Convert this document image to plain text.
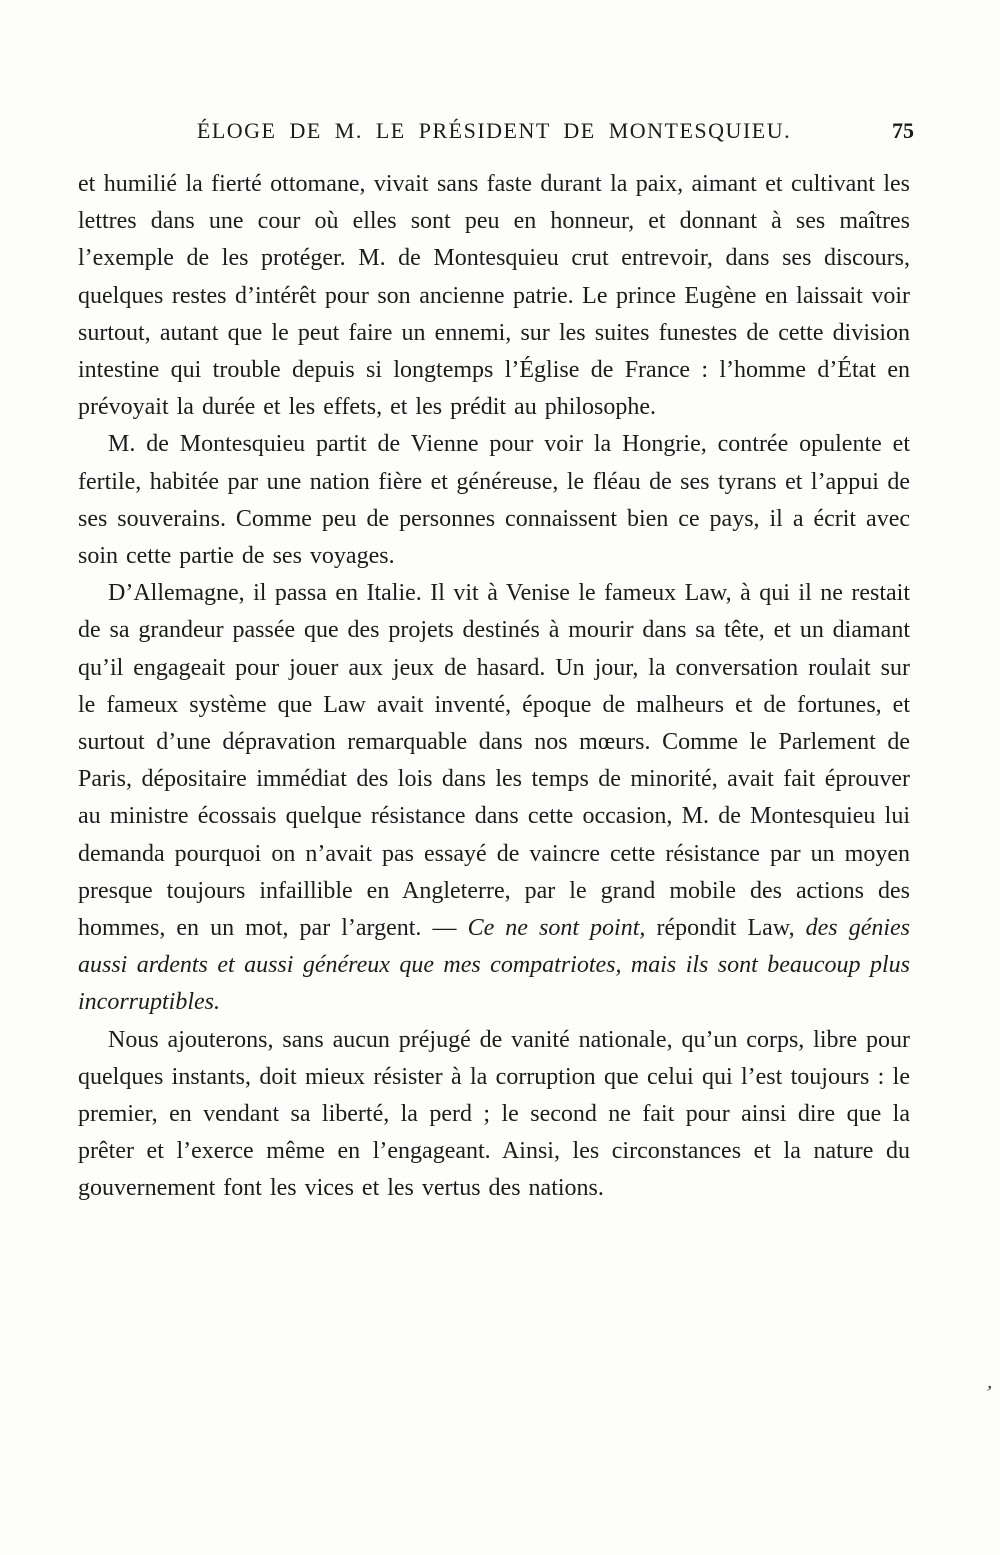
ÉLOGE DE M. LE PRÉSIDENT DE MONTESQUIEU.	75

et humilié la fierté ottomane, vivait sans faste durant la paix, aimant et cultivant les lettres dans une cour où elles sont peu en honneur, et donnant à ses maîtres l’exemple de les protéger. M. de Montesquieu crut entrevoir, dans ses discours, quelques restes d’intérêt pour son ancienne patrie. Le prince Eugène en laissait voir surtout, autant que le peut faire un ennemi, sur les suites funestes de cette division intestine qui trouble depuis si longtemps l’Église de France : l’homme d’État en prévoyait la durée et les effets, et les prédit au philosophe.

M. de Montesquieu partit de Vienne pour voir la Hongrie, contrée opulente et fertile, habitée par une nation fière et généreuse, le fléau de ses tyrans et l’appui de ses souverains. Comme peu de personnes connaissent bien ce pays, il a écrit avec soin cette partie de ses voyages.

D’Allemagne, il passa en Italie. Il vit à Venise le fameux Law, à qui il ne restait de sa grandeur passée que des projets destinés à mourir dans sa tête, et un diamant qu’il engageait pour jouer aux jeux de hasard. Un jour, la conversation roulait sur le fameux système que Law avait inventé, époque de malheurs et de fortunes, et surtout d’une dépravation remarquable dans nos mœurs. Comme le Parlement de Paris, dépositaire immédiat des lois dans les temps de minorité, avait fait éprouver au ministre écossais quelque résistance dans cette occasion, M. de Montesquieu lui demanda pourquoi on n’avait pas essayé de vaincre cette résistance par un moyen presque toujours infaillible en Angleterre, par le grand mobile des actions des hommes, en un mot, par l’argent. — Ce ne sont point, répondit Law, des génies aussi ardents et aussi généreux que mes compatriotes, mais ils sont beaucoup plus incorruptibles.

Nous ajouterons, sans aucun préjugé de vanité nationale, qu’un corps, libre pour quelques instants, doit mieux résister à la corruption que celui qui l’est toujours : le premier, en vendant sa liberté, la perd ; le second ne fait pour ainsi dire que la prêter et l’exerce même en l’engageant. Ainsi, les circonstances et la nature du gouvernement font les vices et les vertus des nations.

’
